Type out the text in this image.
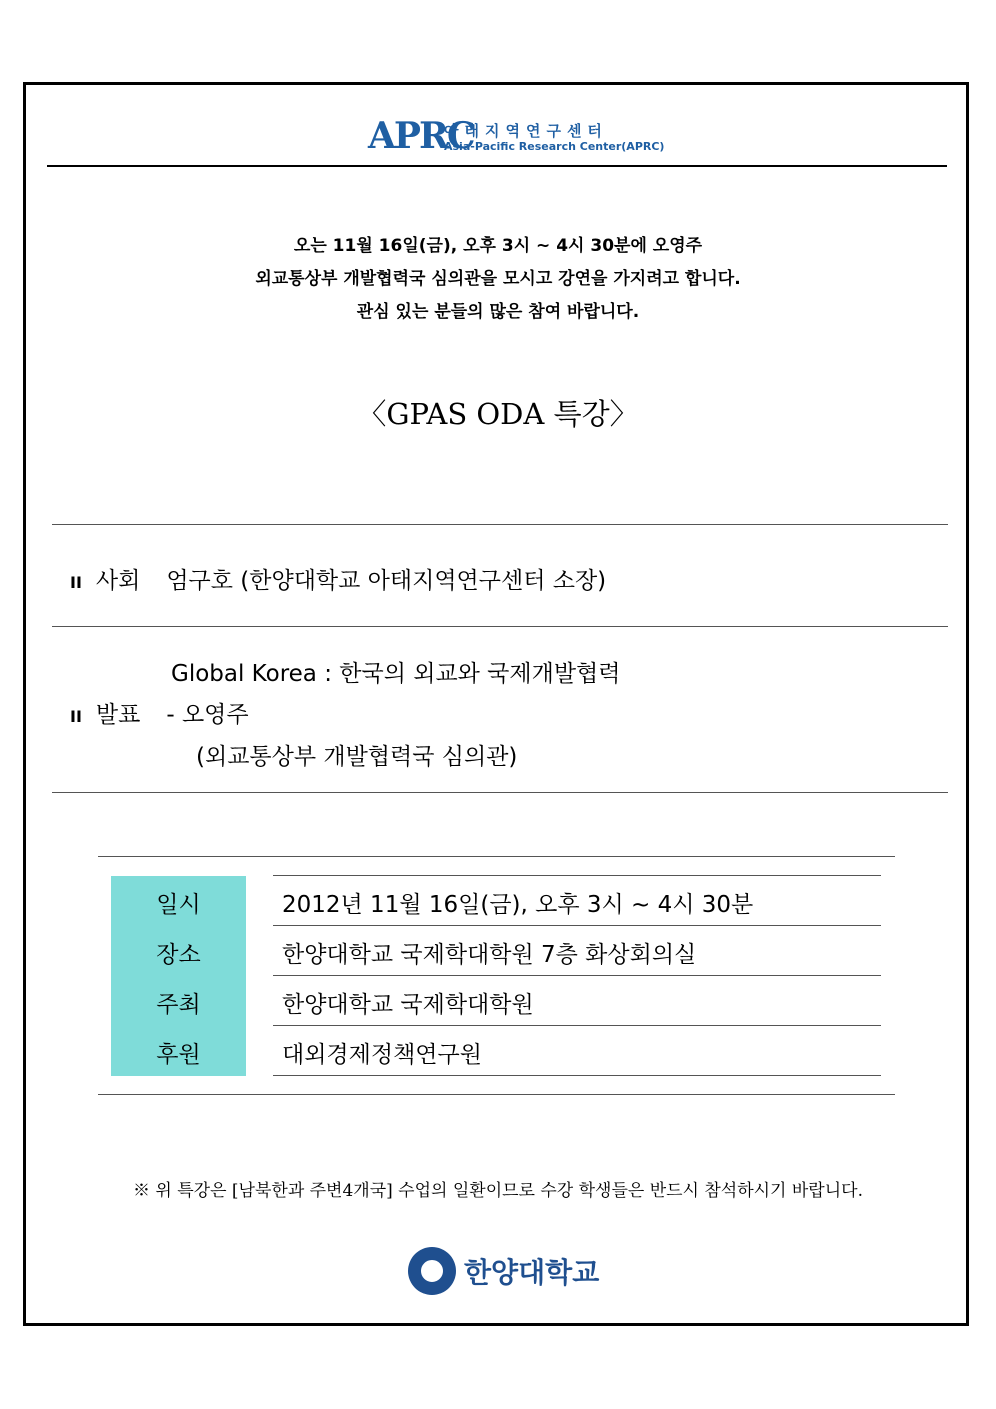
APRC
아태지역연구센터
Asia-Pacific Research Center(APRC)
오는 11월 16일(금), 오후 3시 ~ 4시 30분에 오영주
외교통상부 개발협력국 심의관을 모시고 강연을 가지려고 합니다.
관심 있는 분들의 많은 참여 바랍니다.
〈GPAS ODA 특강〉
II 사회 엄구호 (한양대학교 아태지역연구센터 소장)
Global Korea : 한국의 외교와 국제개발협력
II 발표 - 오영주
(외교통상부 개발협력국 심의관)
일시	2012년 11월 16일(금), 오후 3시 ~ 4시 30분
장소	한양대학교 국제학대학원 7층 화상회의실
주최	한양대학교 국제학대학원
후원	대외경제정책연구원
※ 위 특강은 [남북한과 주변4개국] 수업의 일환이므로 수강 학생들은 반드시 참석하시기 바랍니다.
한양대학교
